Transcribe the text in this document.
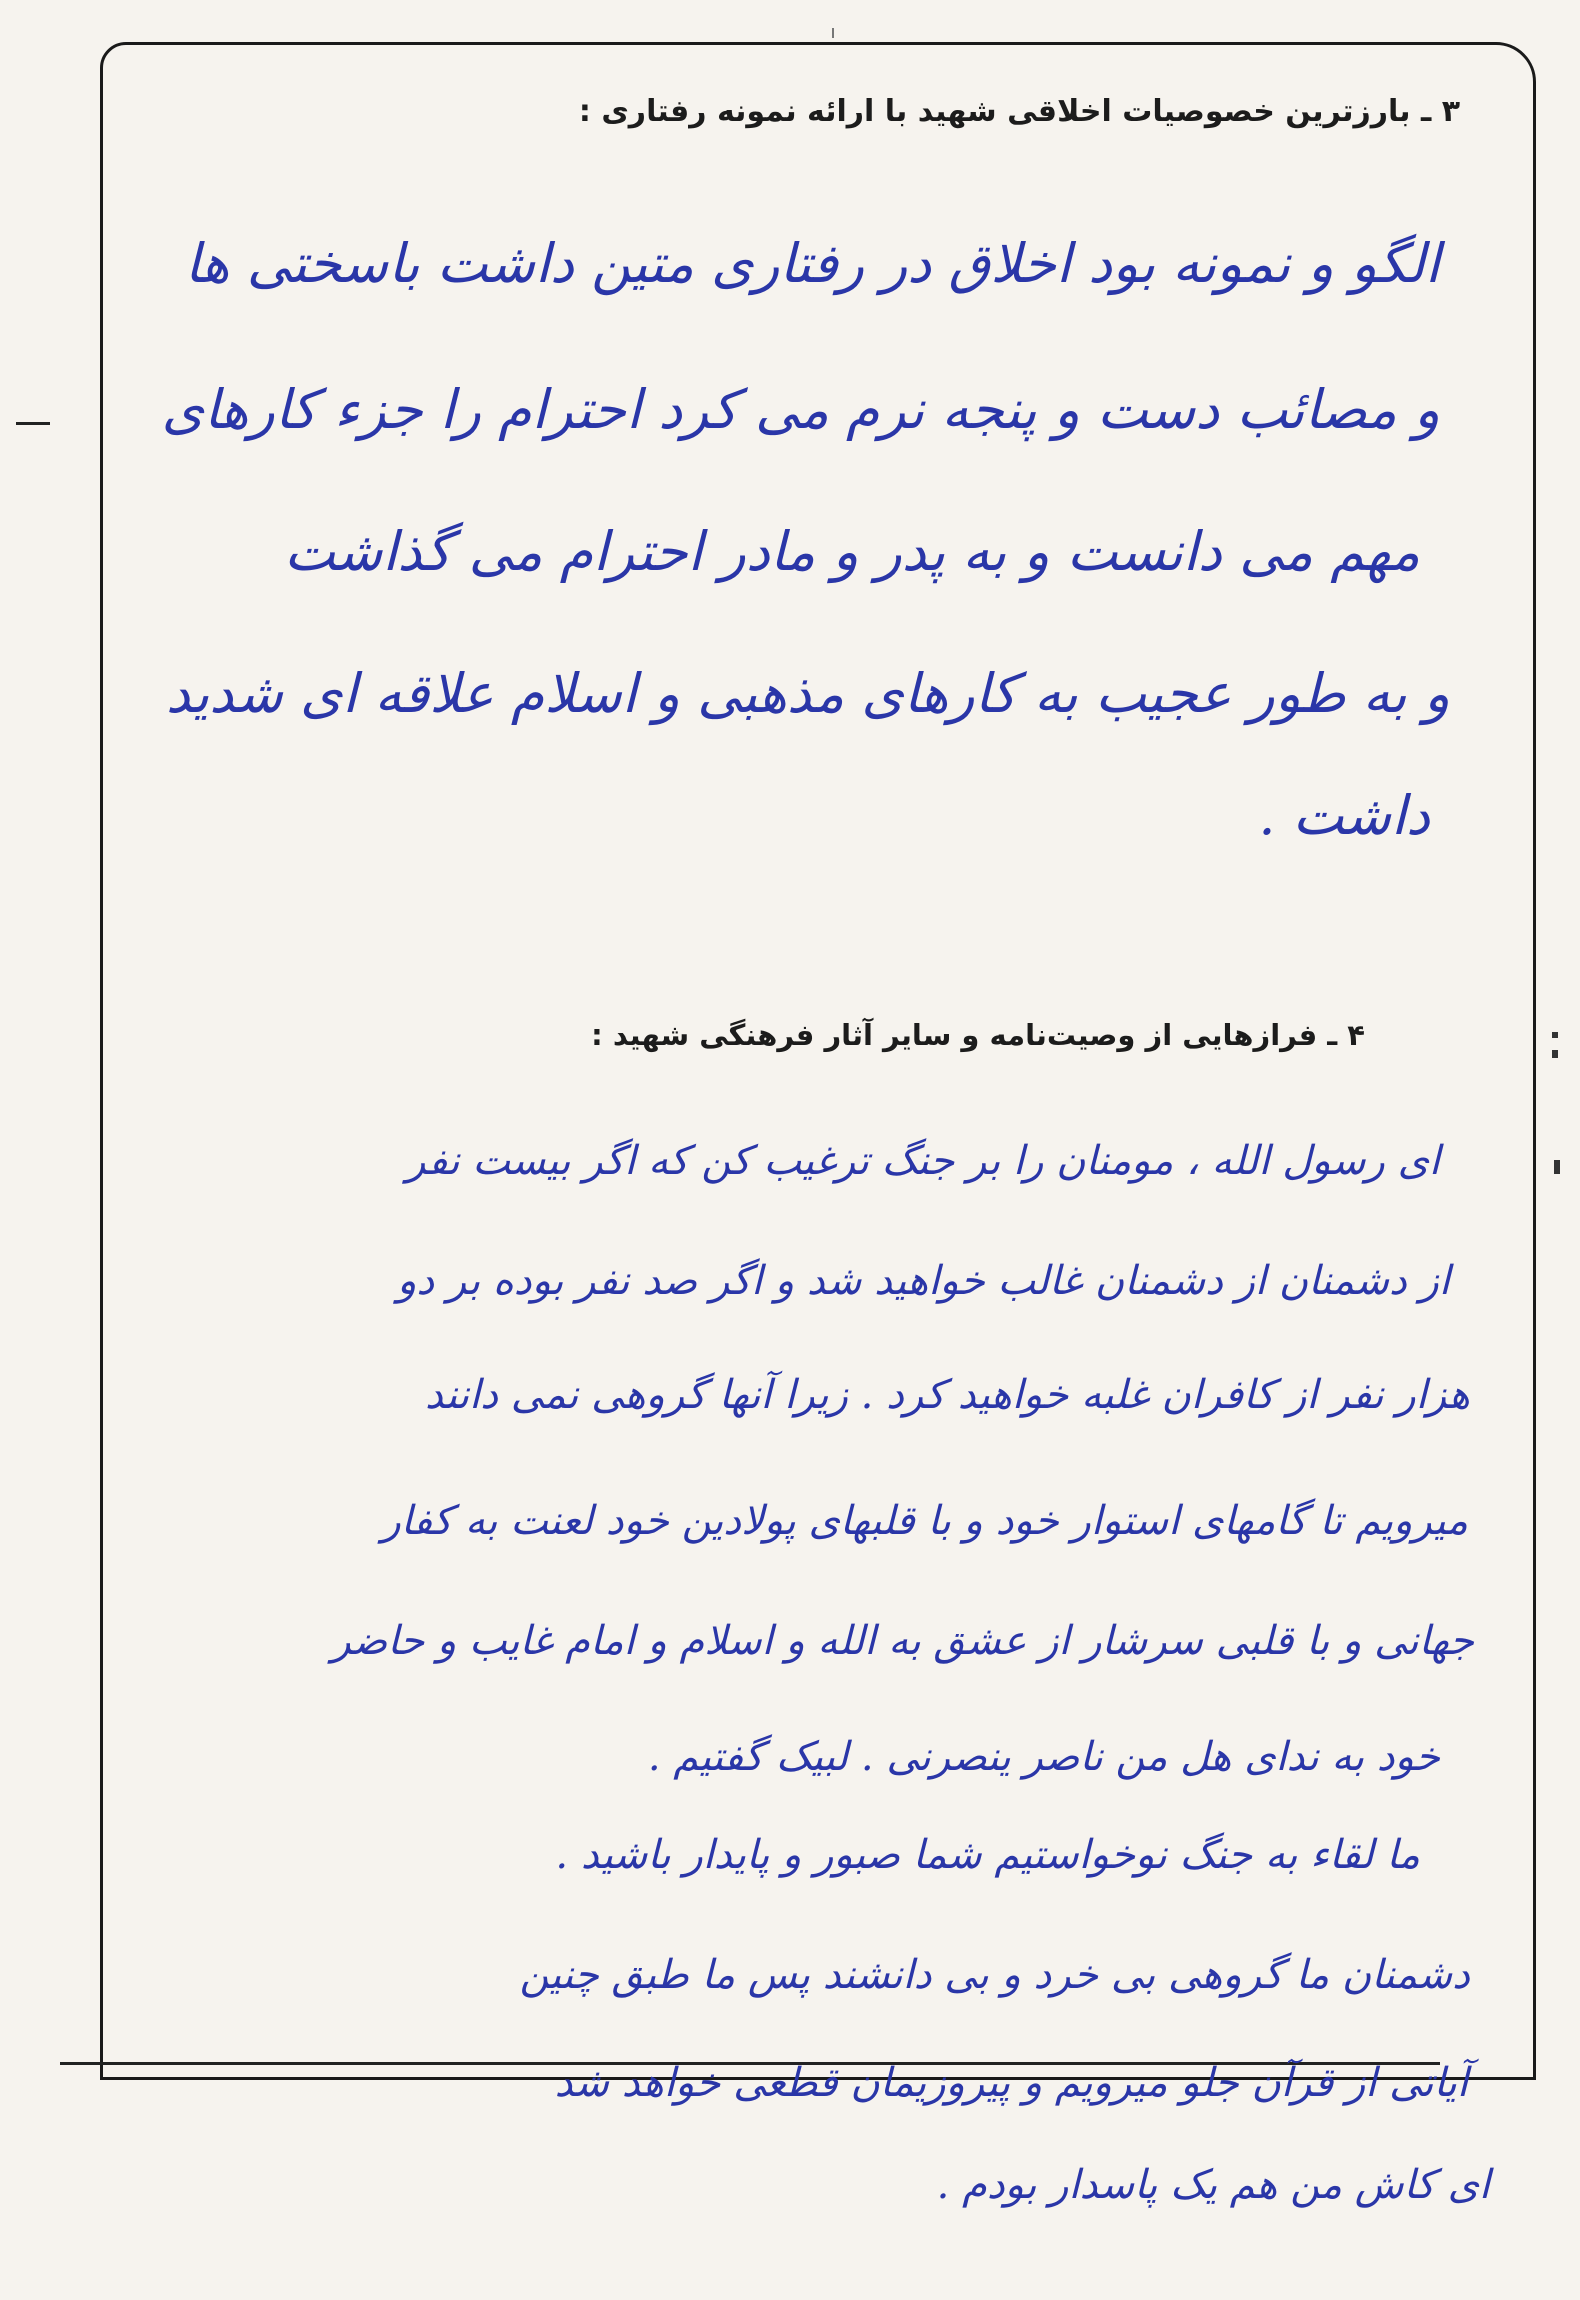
۳ ـ بارزترین خصوصیات اخلاقی شهید با ارائه نمونه رفتاری :
الگو و نمونه بود اخلاق در رفتاری متین داشت باسختی ها
و مصائب دست و پنجه نرم می کرد احترام را جزء کارهای
مهم می دانست و به پدر و مادر احترام می گذاشت
و به طور عجیب به کارهای مذهبی و اسلام علاقه ای شدید
داشت .
۴ ـ فرازهایی از وصیت‌نامه و سایر آثار فرهنگی شهید :
ای رسول الله ، مومنان را بر جنگ ترغیب کن که اگر بیست نفر
از دشمنان از دشمنان غالب خواهید شد و اگر صد نفر بوده بر دو
هزار نفر از کافران غلبه خواهید کرد . زیرا آنها گروهی نمی دانند
میرویم تا گامهای استوار خود و با قلبهای پولادین خود لعنت به کفار
جهانی و با قلبی سرشار از عشق به الله و اسلام و امام غایب و حاضر
خود به ندای هل من ناصر ینصرنی . لبیک گفتیم .
ما لقاء به جنگ نوخواستیم شما صبور و پایدار باشید .
دشمنان ما گروهی بی خرد و بی دانشند پس ما طبق چنین
آیاتی از قرآن جلو میرویم و پیروزیمان قطعی خواهد شد
ای کاش من هم یک پاسدار بودم .
